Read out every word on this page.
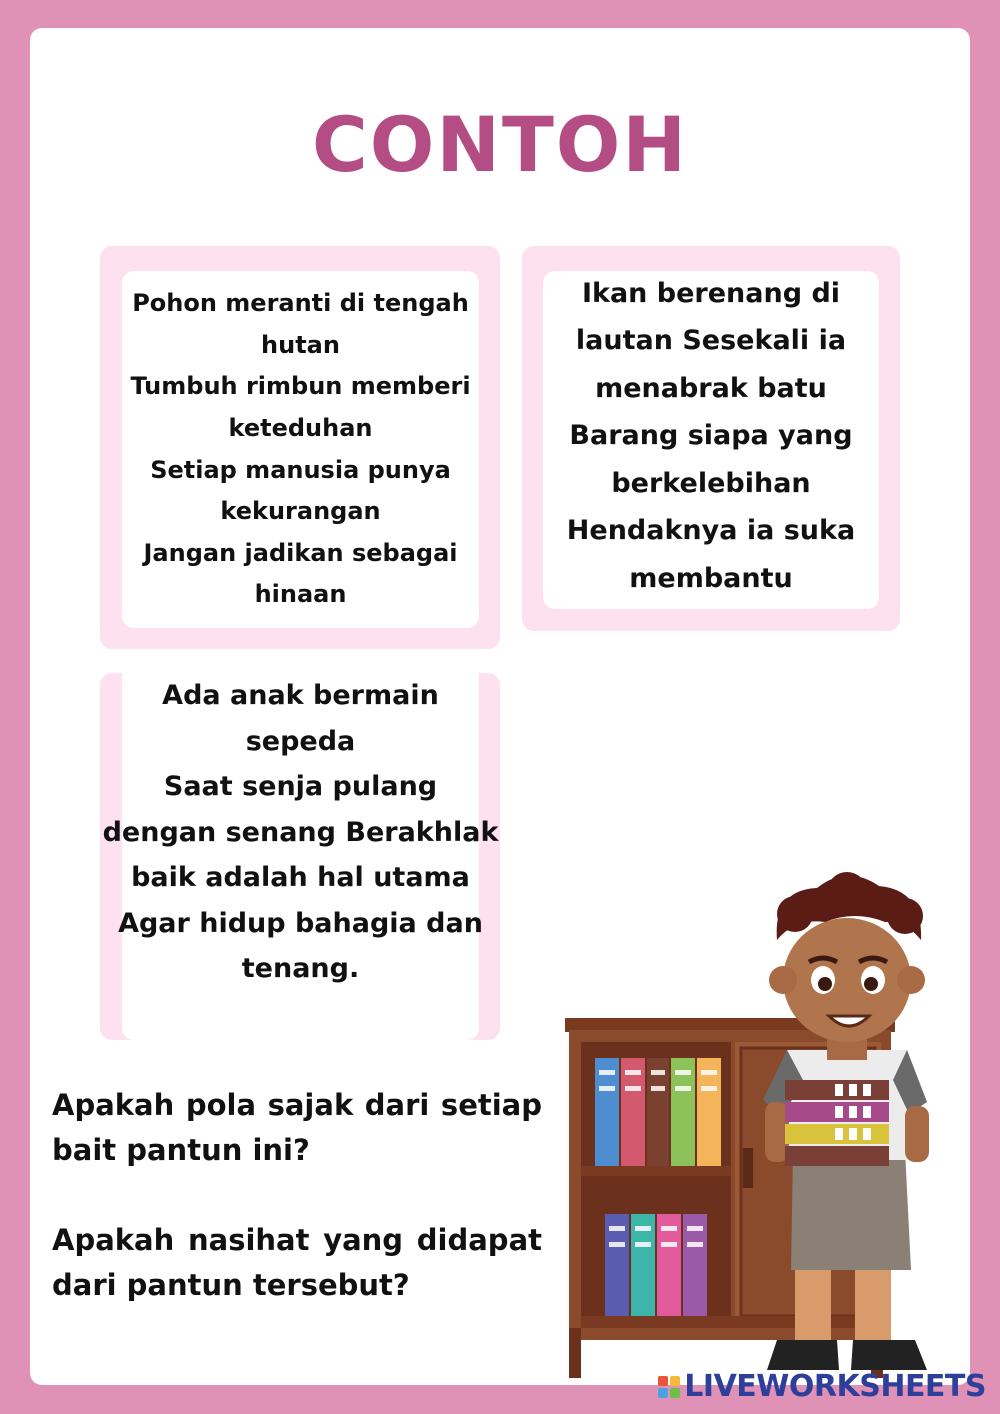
CONTOH

Pohon meranti di tengah
hutan
Tumbuh rimbun memberi
keteduhan
Setiap manusia punya
kekurangan
Jangan jadikan sebagai
hinaan

Ikan berenang di
lautan Sesekali ia
menabrak batu
Barang siapa yang
berkelebihan
Hendaknya ia suka
membantu

Ada anak bermain
sepeda
Saat senja pulang
dengan senang Berakhlak
baik adalah hal utama
Agar hidup bahagia dan
tenang.

Apakah pola sajak dari setiap bait pantun ini?

Apakah nasihat yang didapat dari pantun tersebut?

LIVEWORKSHEETS
